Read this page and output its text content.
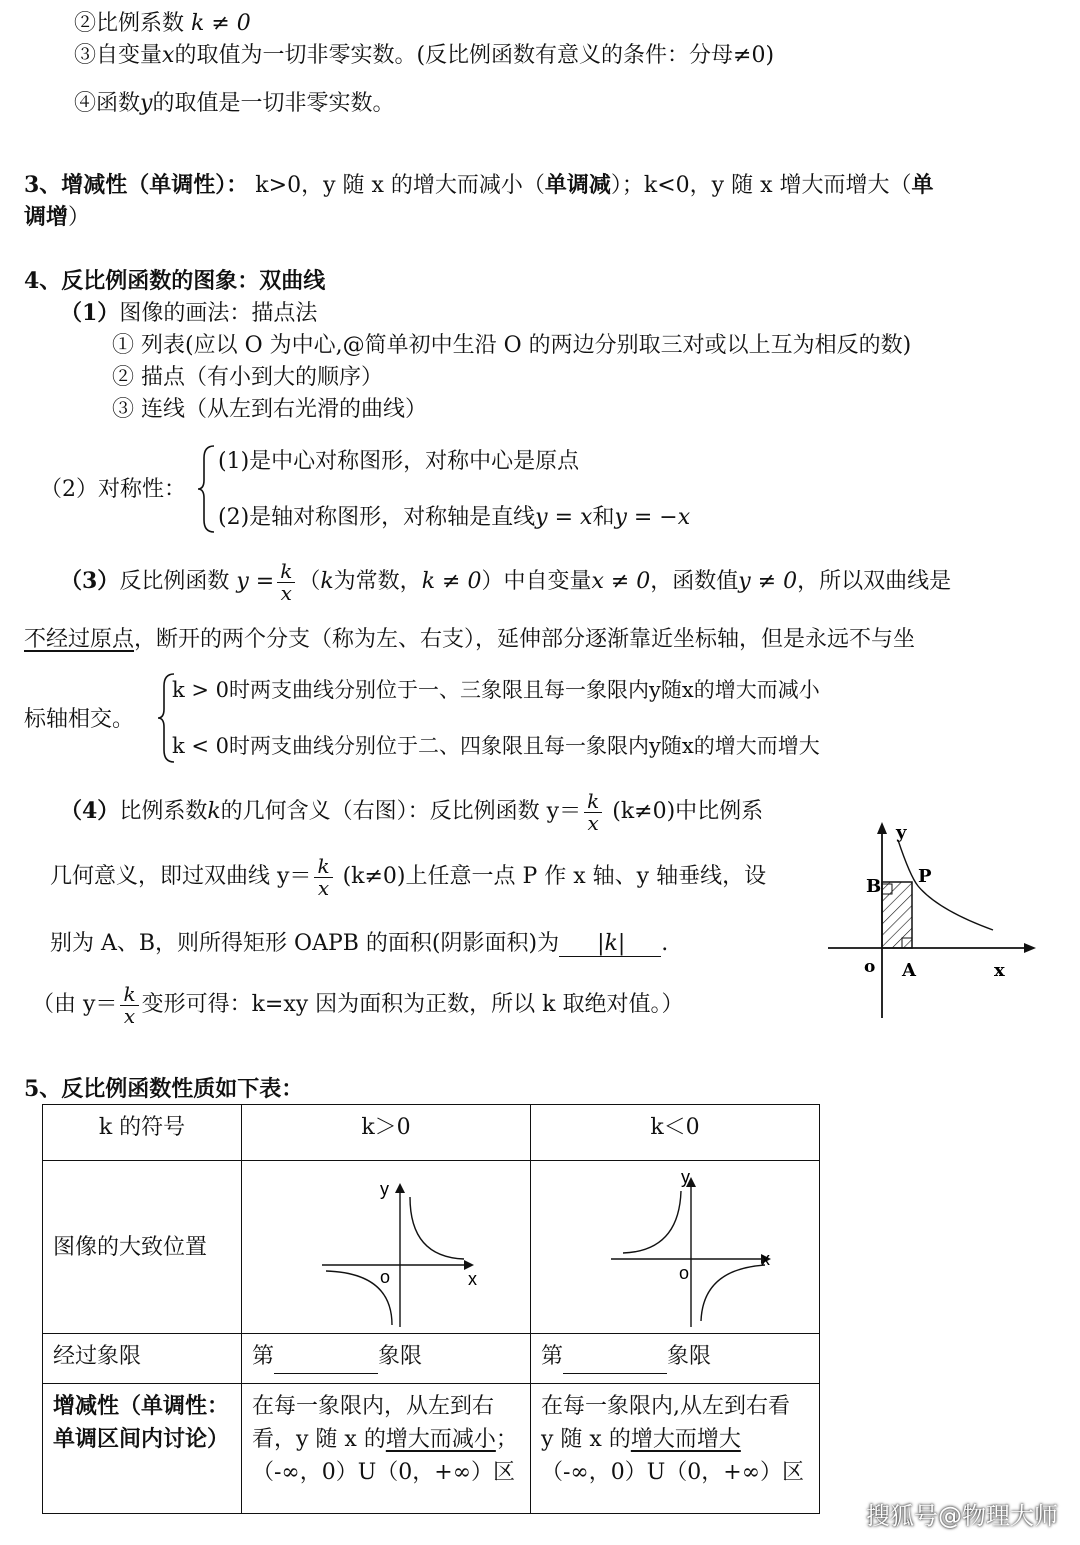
②比例系数 k ≠ 0
③自变量x的取值为一切非零实数。(反比例函数有意义的条件：分母≠0)
④函数y的取值是一切非零实数。
3、增减性（单调性）： k>0，y 随 x 的增大而减小（单调减）；k<0，y 随 x 增大而增大（单
调增）
4、反比例函数的图象：双曲线
（1）图像的画法：描点法
① 列表(应以 O 为中心,@简单初中生沿 O 的两边分别取三对或以上互为相反的数)
② 描点（有小到大的顺序）
③ 连线（从左到右光滑的曲线）
（2）对称性：
(1)是中心对称图形，对称中心是原点
(2)是轴对称图形，对称轴是直线y = x和y = −x
（3）反比例函数 $y = \frac{k}{x} (k$为常数，k ≠ 0）中自变量x ≠ 0，函数值y ≠ 0，所以双曲线是
不经过原点，断开的两个分支（称为左、右支），延伸部分逐渐靠近坐标轴，但是永远不与坐
标轴相交。
k > 0时两支曲线分别位于一、三象限且每一象限内y随x的增大而减小
k < 0时两支曲线分别位于二、四象限且每一象限内y随x的增大而增大
（4）比例系数k的几何含义（右图）：反比例函数 $y= \frac{k}{x} (k\ne 0)$中比例系
几何意义，即过双曲线 $y= \frac{k}{x} (k\ne 0)$上任意一点 P 作 x 轴、y 轴垂线，设
别为 A、B，则所得矩形 OAPB 的面积(阴影面积)为 |k| .
（由 $y= \frac{k}{x}$ 变形可得：k=xy 因为面积为正数，所以 k 取绝对值。）
y
x
o A
B P
5、反比例函数性质如下表：
k 的符号	k＞0	k＜0

图像的大致位置	y
x
o	y
x
o

经过象限	第 象限	第 象限

增减性（单调性：单调区间内讨论）	在每一象限内，从左到右看，y 随 x 的增大而减小；
（-∞，0）U（0，+∞）区	在每一象限内,从左到右看
y 随 x 的增大而增大
（-∞，0）U（0，+∞）区
搜狐号@物理大师
